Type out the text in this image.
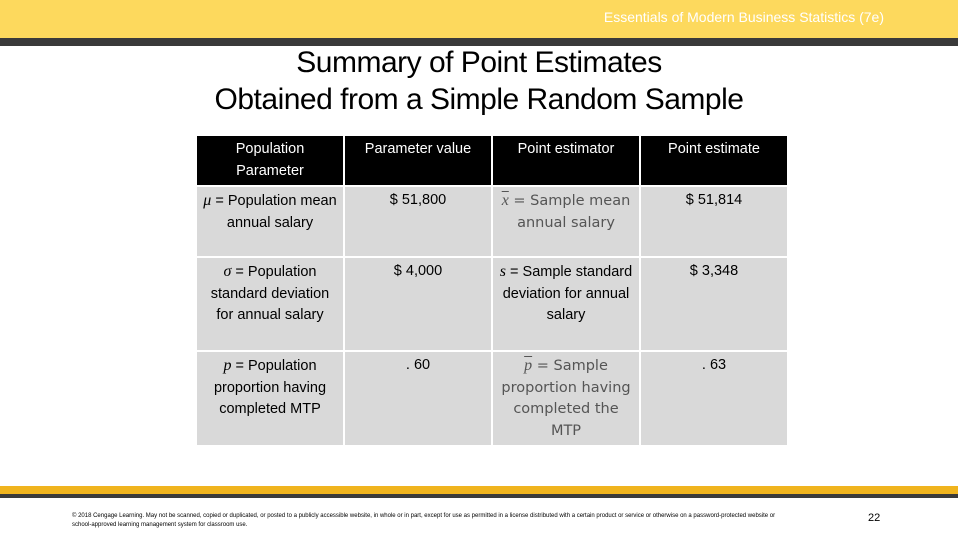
Essentials of Modern Business Statistics (7e)
Summary of Point Estimates
Obtained from a Simple Random Sample
Population Parameter	Parameter value	Point estimator	Point estimate
μ = Population mean annual salary	$ 51,800	$\overline{x}$ = Sample mean annual salary	$ 51,814
σ = Population standard deviation for annual salary	$ 4,000	s = Sample standard deviation for annual salary	$ 3,348
p = Population proportion having completed MTP	. 60	$\overline{p}$ = Sample proportion having completed the MTP	. 63
© 2018 Cengage Learning. May not be scanned, copied or duplicated, or posted to a publicly accessible website, in whole or in part, except for use as permitted in a license distributed with a certain product or service or otherwise on a password-protected website or school-approved learning management system for classroom use.
22
